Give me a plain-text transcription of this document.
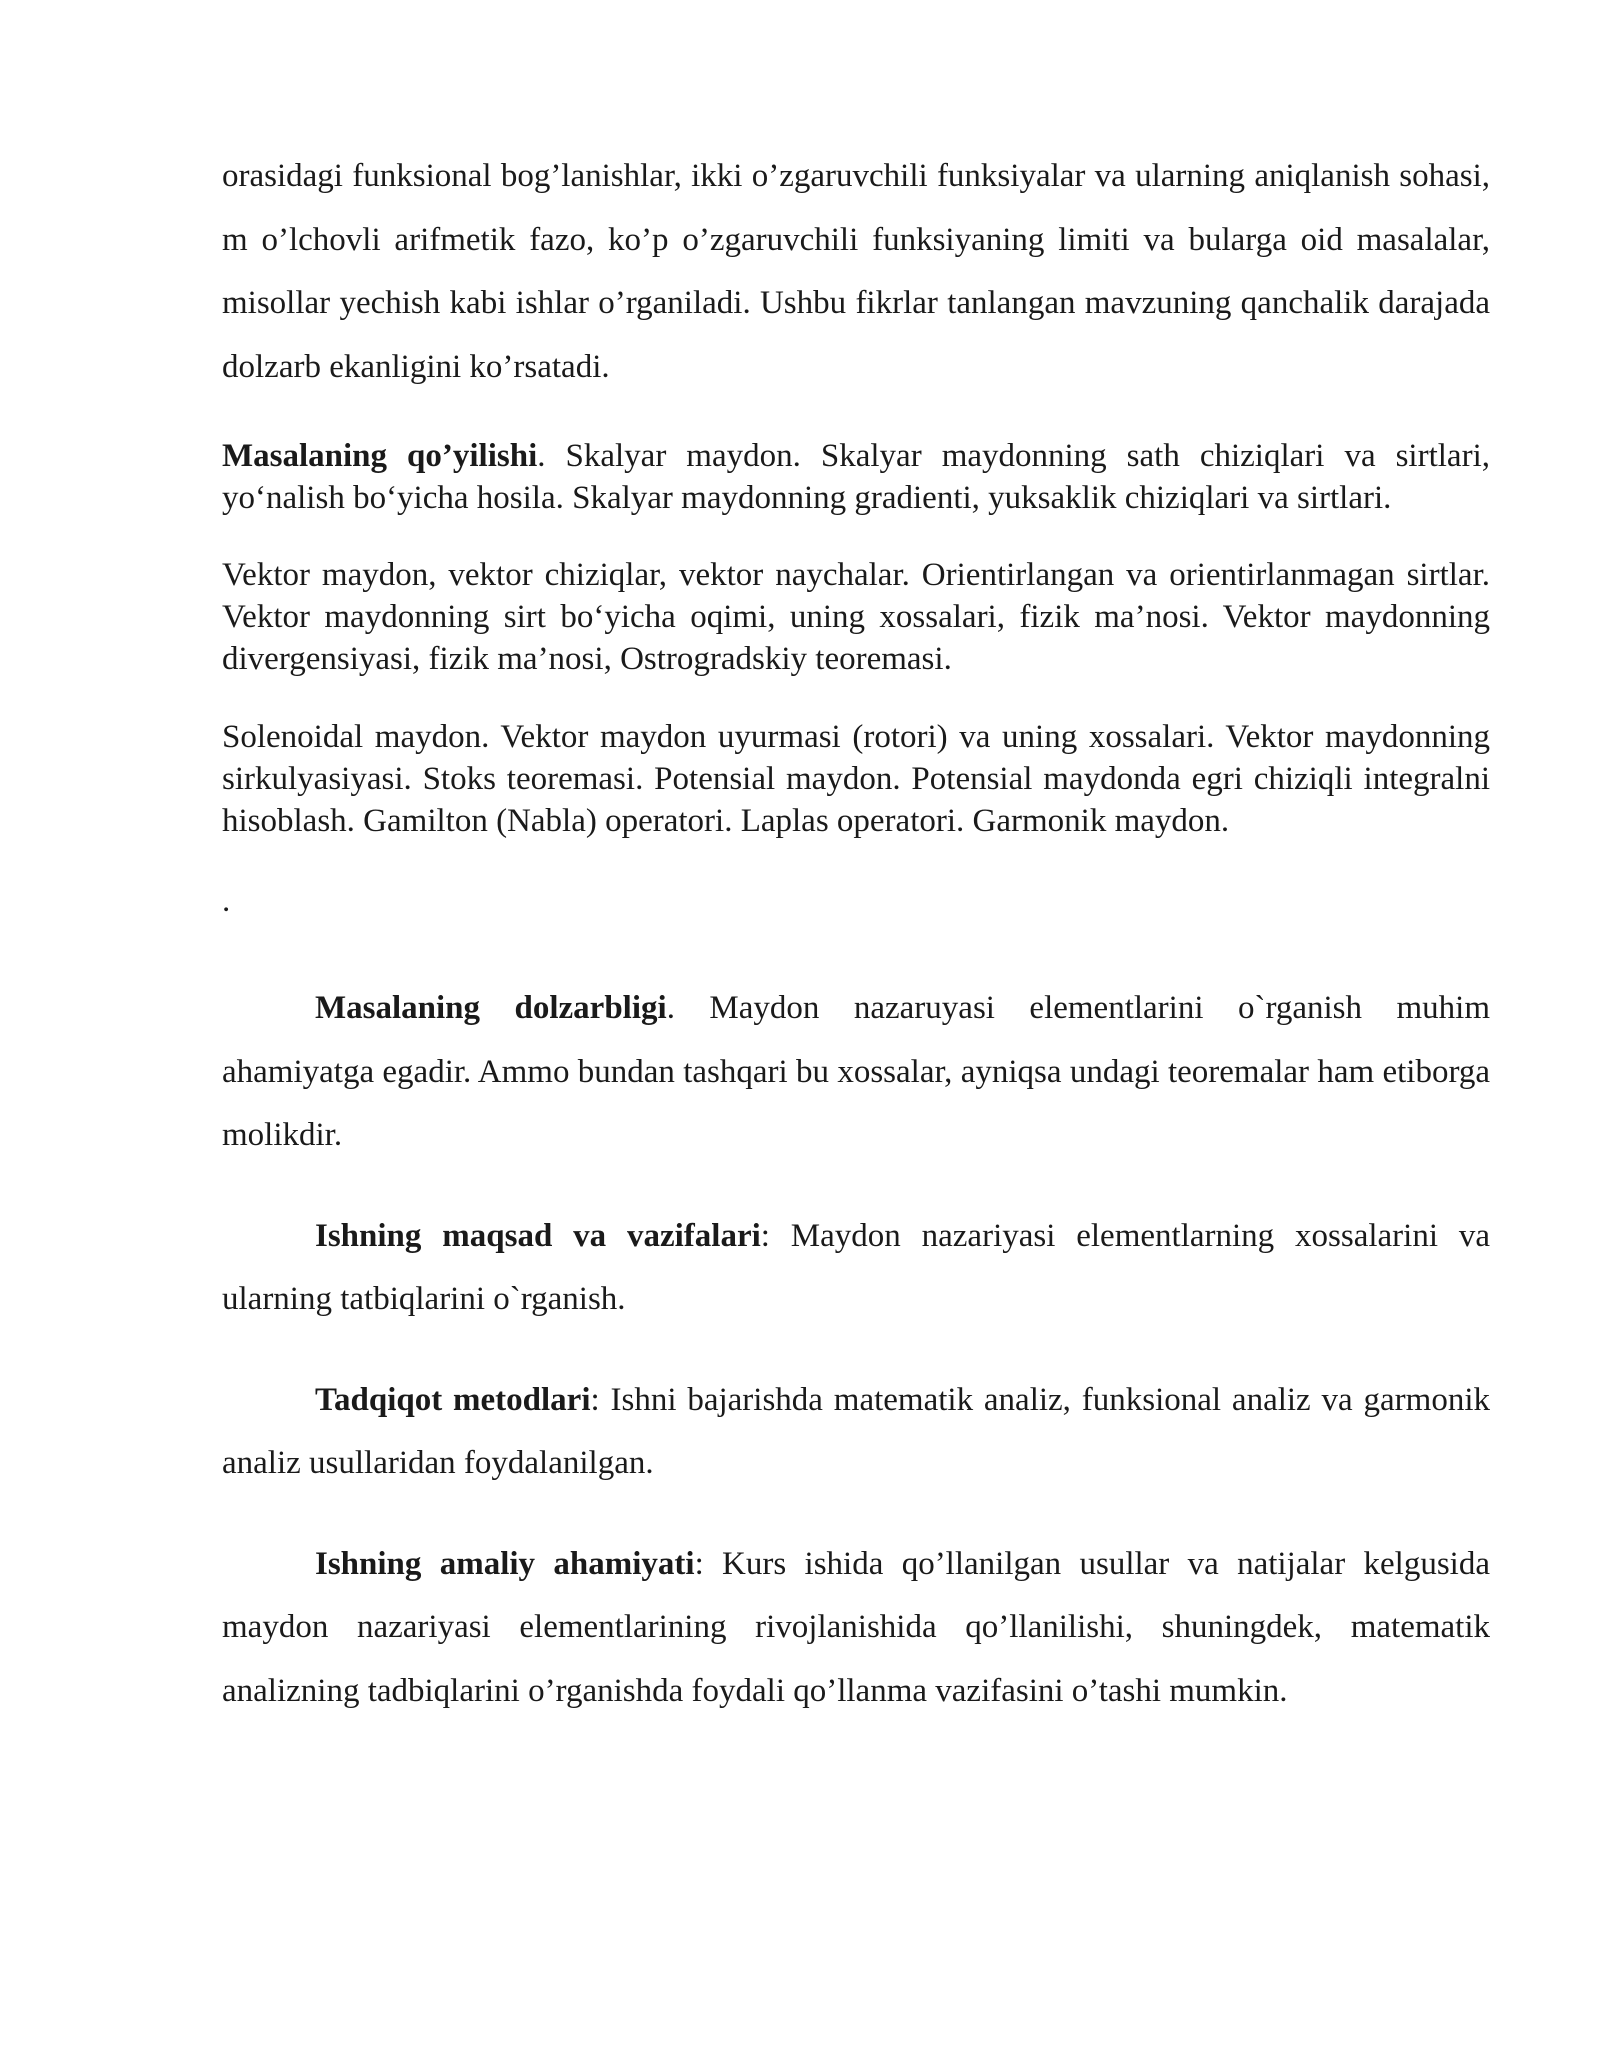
orasidagi funksional bog’lanishlar, ikki o’zgaruvchili funksiyalar va ularning aniqlanish sohasi, m o’lchovli arifmetik fazo, ko’p o’zgaruvchili funksiyaning limiti va bularga oid masalalar, misollar yechish kabi ishlar o’rganiladi. Ushbu fikrlar tanlangan mavzuning qanchalik darajada dolzarb ekanligini ko’rsatadi.

Masalaning qo’yilishi. Skalyar maydon. Skalyar maydonning sath chiziqlari va sirtlari, yo‘nalish bo‘yicha hosila. Skalyar maydonning gradienti, yuksaklik chiziqlari va sirtlari.

Vektor maydon, vektor chiziqlar, vektor naychalar. Orientirlangan va orientirlanmagan sirtlar. Vektor maydonning sirt bo‘yicha oqimi, uning xossalari, fizik ma’nosi. Vektor maydonning divergensiyasi, fizik ma’nosi, Ostrogradskiy teoremasi.

Solenoidal maydon. Vektor maydon uyurmasi (rotori) va uning xossalari. Vektor maydonning sirkulyasiyasi. Stoks teoremasi. Potensial maydon. Potensial maydonda egri chiziqli integralni hisoblash. Gamilton (Nabla) operatori. Laplas operatori. Garmonik maydon.

.

Masalaning dolzarbligi. Maydon nazaruyasi elementlarini o`rganish muhim ahamiyatga egadir. Ammo bundan tashqari bu xossalar, ayniqsa undagi teoremalar ham etiborga molikdir.

Ishning maqsad va vazifalari: Maydon nazariyasi elementlarning xossalarini va ularning tatbiqlarini o`rganish.

Tadqiqot metodlari: Ishni bajarishda matematik analiz, funksional analiz va garmonik analiz usullaridan foydalanilgan.

Ishning amaliy ahamiyati: Kurs ishida qo’llanilgan usullar va natijalar kelgusida maydon nazariyasi elementlarining rivojlanishida qo’llanilishi, shuningdek, matematik analizning tadbiqlarini o’rganishda foydali qo’llanma vazifasini o’tashi mumkin.
